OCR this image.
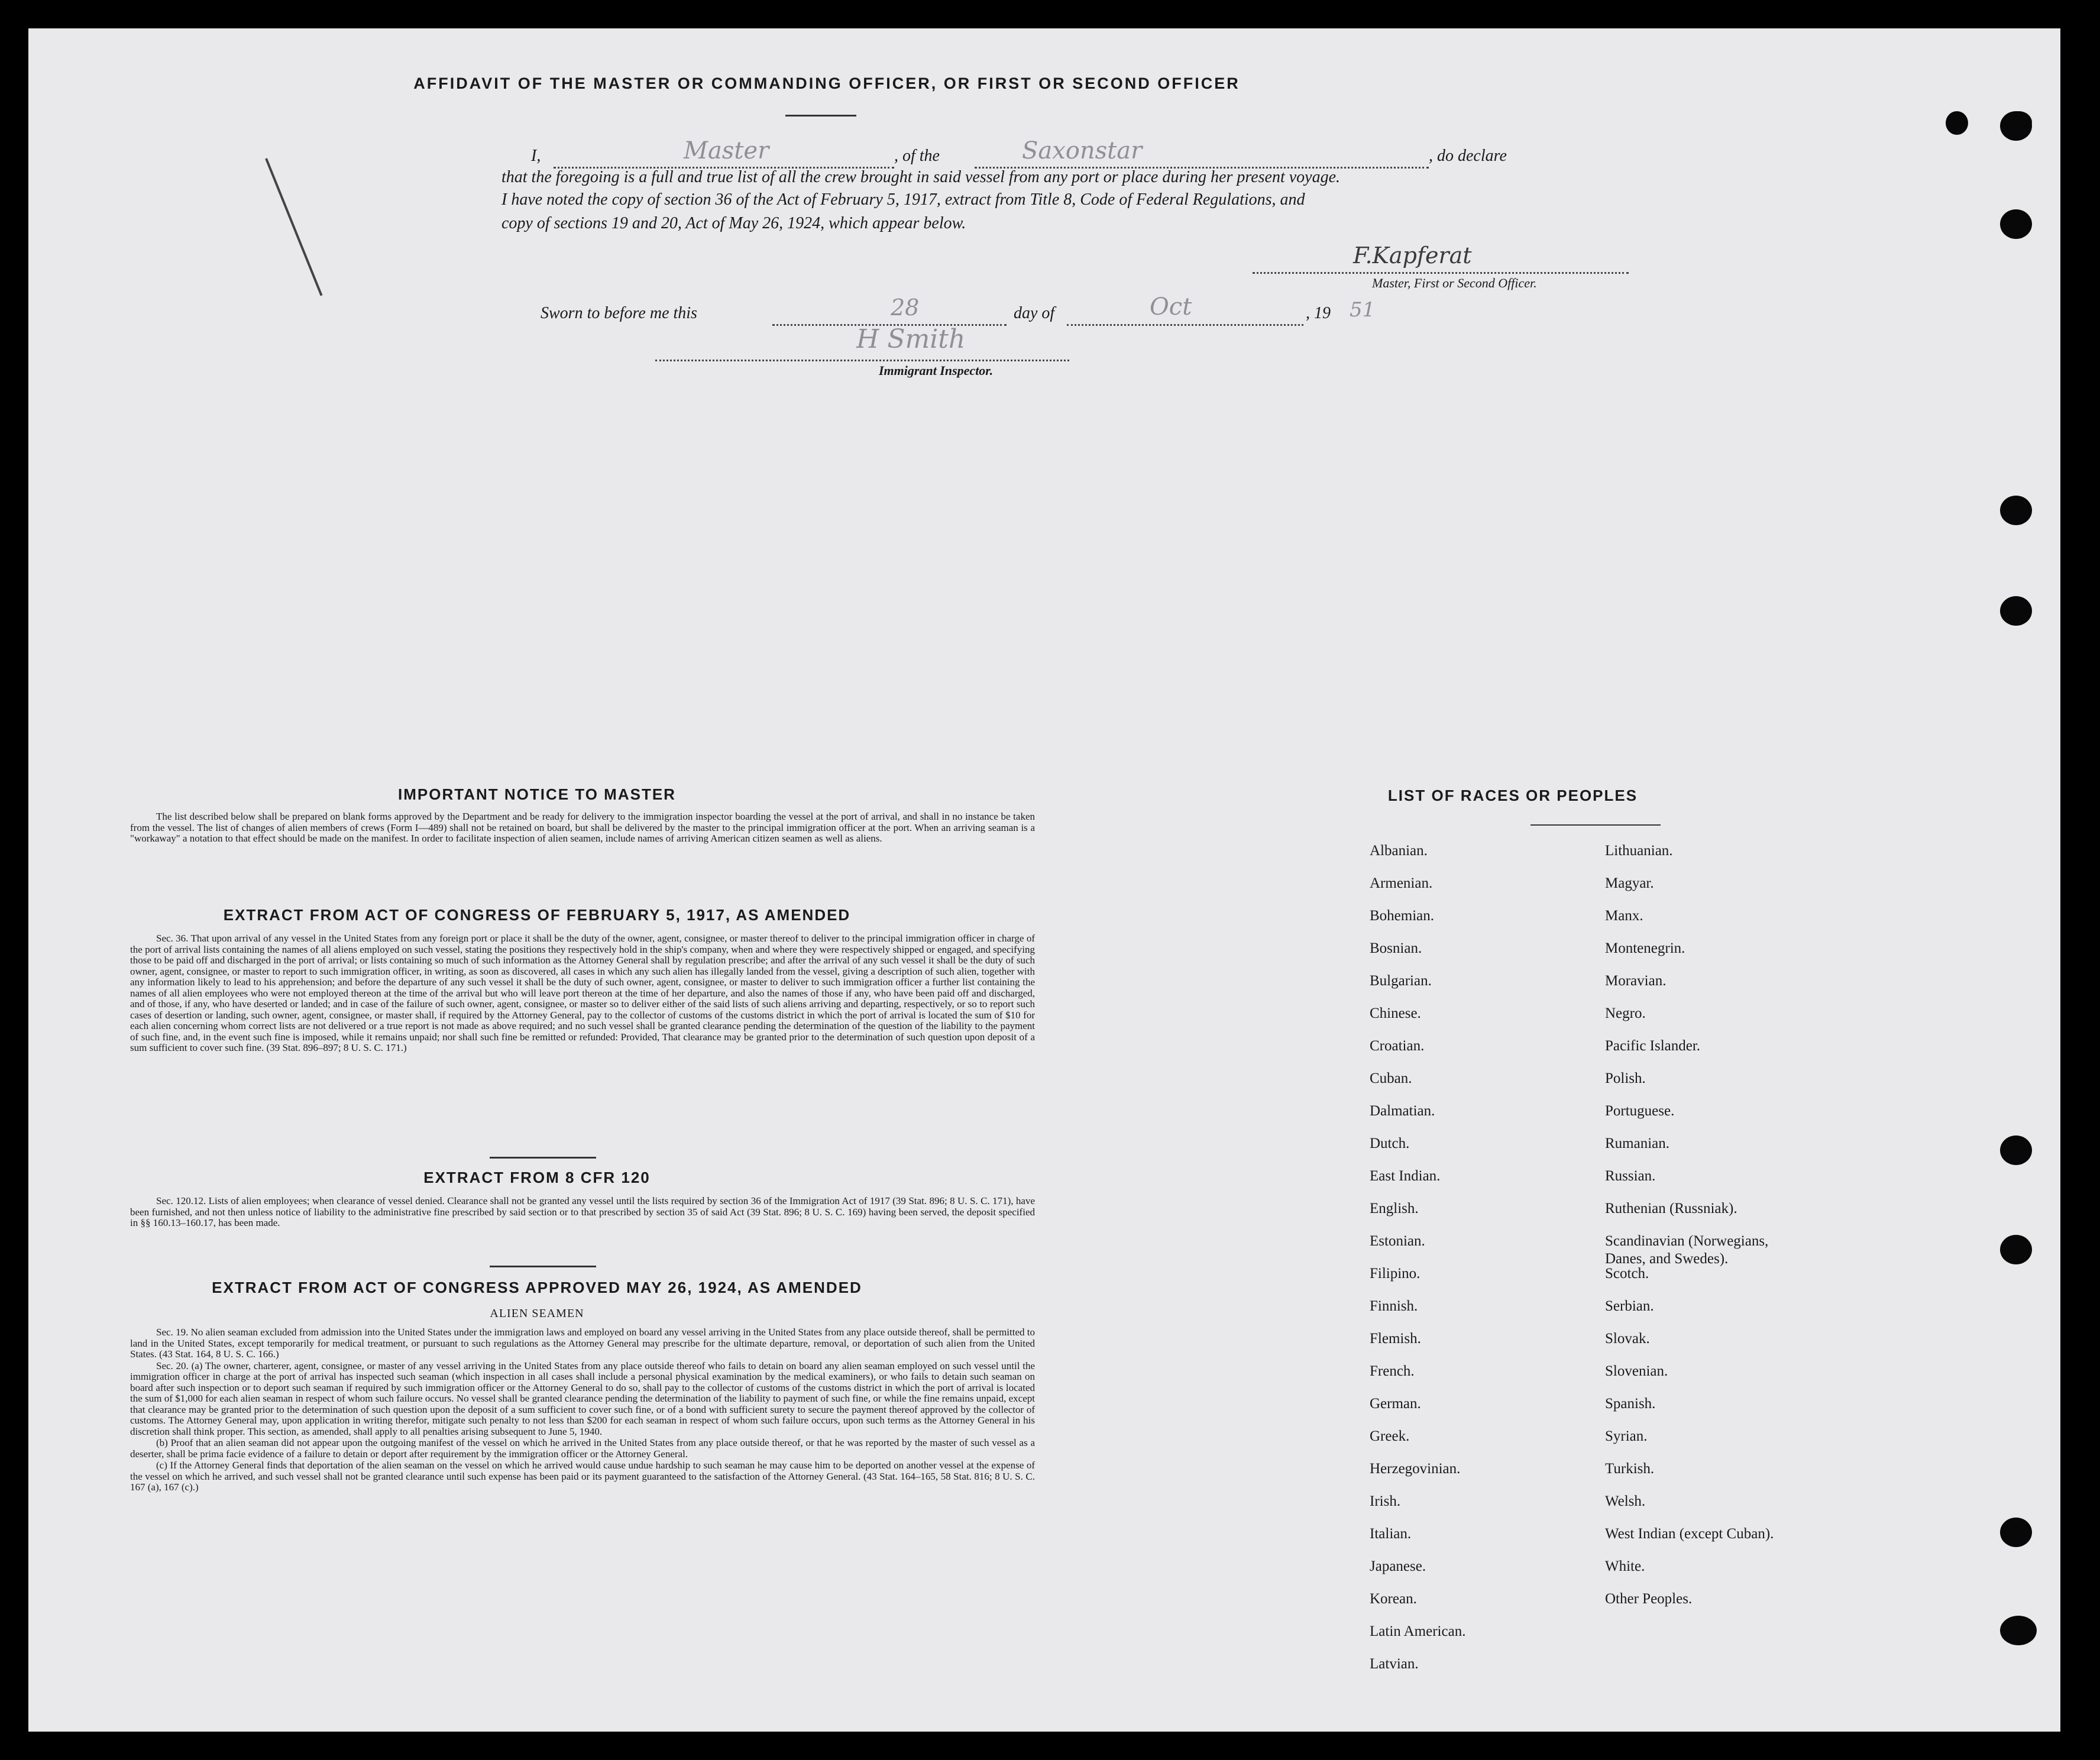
AFFIDAVIT OF THE MASTER OR COMMANDING OFFICER, OR FIRST OR SECOND OFFICER
I,	Master	, of the	Saxonstar	, do declare
that the foregoing is a full and true list of all the crew brought in said vessel from any port or place during her present voyage.
I have noted the copy of section 36 of the Act of February 5, 1917, extract from Title 8, Code of Federal Regulations, and
copy of sections 19 and 20, Act of May 26, 1924, which appear below.
F.Kapferat
Master, First or Second Officer.
Sworn to before me this	28	day of	Oct	, 19 51
H Smith
Immigrant Inspector.
IMPORTANT NOTICE TO MASTER

The list described below shall be prepared on blank forms approved by the Department and be ready for delivery to the immigration inspector boarding the vessel at the port of arrival, and shall in no instance be taken from the vessel. The list of changes of alien members of crews (Form I—489) shall not be retained on board, but shall be delivered by the master to the principal immigration officer at the port. When an arriving seaman is a "workaway" a notation to that effect should be made on the manifest. In order to facilitate inspection of alien seamen, include names of arriving American citizen seamen as well as aliens.

EXTRACT FROM ACT OF CONGRESS OF FEBRUARY 5, 1917, AS AMENDED

Sec. 36. That upon arrival of any vessel in the United States from any foreign port or place it shall be the duty of the owner, agent, consignee, or master thereof to deliver to the principal immigration officer in charge of the port of arrival lists containing the names of all aliens employed on such vessel, stating the positions they respectively hold in the ship's company, when and where they were respectively shipped or engaged, and specifying those to be paid off and discharged in the port of arrival; or lists containing so much of such information as the Attorney General shall by regulation prescribe; and after the arrival of any such vessel it shall be the duty of such owner, agent, consignee, or master to report to such immigration officer, in writing, as soon as discovered, all cases in which any such alien has illegally landed from the vessel, giving a description of such alien, together with any information likely to lead to his apprehension; and before the departure of any such vessel it shall be the duty of such owner, agent, consignee, or master to deliver to such immigration officer a further list containing the names of all alien employees who were not employed thereon at the time of the arrival but who will leave port thereon at the time of her departure, and also the names of those if any, who have been paid off and discharged, and of those, if any, who have deserted or landed; and in case of the failure of such owner, agent, consignee, or master so to deliver either of the said lists of such aliens arriving and departing, respectively, or so to report such cases of desertion or landing, such owner, agent, consignee, or master shall, if required by the Attorney General, pay to the collector of customs of the customs district in which the port of arrival is located the sum of $10 for each alien concerning whom correct lists are not delivered or a true report is not made as above required; and no such vessel shall be granted clearance pending the determination of the question of the liability to the payment of such fine, and, in the event such fine is imposed, while it remains unpaid; nor shall such fine be remitted or refunded: Provided, That clearance may be granted prior to the determination of such question upon deposit of a sum sufficient to cover such fine. (39 Stat. 896–897; 8 U. S. C. 171.)

EXTRACT FROM 8 CFR 120

Sec. 120.12. Lists of alien employees; when clearance of vessel denied. Clearance shall not be granted any vessel until the lists required by section 36 of the Immigration Act of 1917 (39 Stat. 896; 8 U. S. C. 171), have been furnished, and not then unless notice of liability to the administrative fine prescribed by said section or to that prescribed by section 35 of said Act (39 Stat. 896; 8 U. S. C. 169) having been served, the deposit specified in §§ 160.13–160.17, has been made.

EXTRACT FROM ACT OF CONGRESS APPROVED MAY 26, 1924, AS AMENDED
ALIEN SEAMEN

Sec. 19. No alien seaman excluded from admission into the United States under the immigration laws and employed on board any vessel arriving in the United States from any place outside thereof, shall be permitted to land in the United States, except temporarily for medical treatment, or pursuant to such regulations as the Attorney General may prescribe for the ultimate departure, removal, or deportation of such alien from the United States. (43 Stat. 164, 8 U. S. C. 166.)

Sec. 20. (a) The owner, charterer, agent, consignee, or master of any vessel arriving in the United States from any place outside thereof who fails to detain on board any alien seaman employed on such vessel until the immigration officer in charge at the port of arrival has inspected such seaman (which inspection in all cases shall include a personal physical examination by the medical examiners), or who fails to detain such seaman on board after such inspection or to deport such seaman if required by such immigration officer or the Attorney General to do so, shall pay to the collector of customs of the customs district in which the port of arrival is located the sum of $1,000 for each alien seaman in respect of whom such failure occurs. No vessel shall be granted clearance pending the determination of the liability to payment of such fine, or while the fine remains unpaid, except that clearance may be granted prior to the determination of such question upon the deposit of a sum sufficient to cover such fine, or of a bond with sufficient surety to secure the payment thereof approved by the collector of customs. The Attorney General may, upon application in writing therefor, mitigate such penalty to not less than $200 for each seaman in respect of whom such failure occurs, upon such terms as the Attorney General in his discretion shall think proper. This section, as amended, shall apply to all penalties arising subsequent to June 5, 1940.

(b) Proof that an alien seaman did not appear upon the outgoing manifest of the vessel on which he arrived in the United States from any place outside thereof, or that he was reported by the master of such vessel as a deserter, shall be prima facie evidence of a failure to detain or deport after requirement by the immigration officer or the Attorney General.

(c) If the Attorney General finds that deportation of the alien seaman on the vessel on which he arrived would cause undue hardship to such seaman he may cause him to be deported on another vessel at the expense of the vessel on which he arrived, and such vessel shall not be granted clearance until such expense has been paid or its payment guaranteed to the satisfaction of the Attorney General. (43 Stat. 164–165, 58 Stat. 816; 8 U. S. C. 167 (a), 167 (c).)

LIST OF RACES OR PEOPLES
Albanian.
Armenian.
Bohemian.
Bosnian.
Bulgarian.
Chinese.
Croatian.
Cuban.
Dalmatian.
Dutch.
East Indian.
English.
Estonian.
Filipino.
Finnish.
Flemish.
French.
German.
Greek.
Herzegovinian.
Irish.
Italian.
Japanese.
Korean.
Latin American.
Latvian.
Lithuanian.
Magyar.
Manx.
Montenegrin.
Moravian.
Negro.
Pacific Islander.
Polish.
Portuguese.
Rumanian.
Russian.
Ruthenian (Russniak).
Scandinavian (Norwegians,
Danes, and Swedes).
Scotch.
Serbian.
Slovak.
Slovenian.
Spanish.
Syrian.
Turkish.
Welsh.
West Indian (except Cuban).
White.
Other Peoples.
